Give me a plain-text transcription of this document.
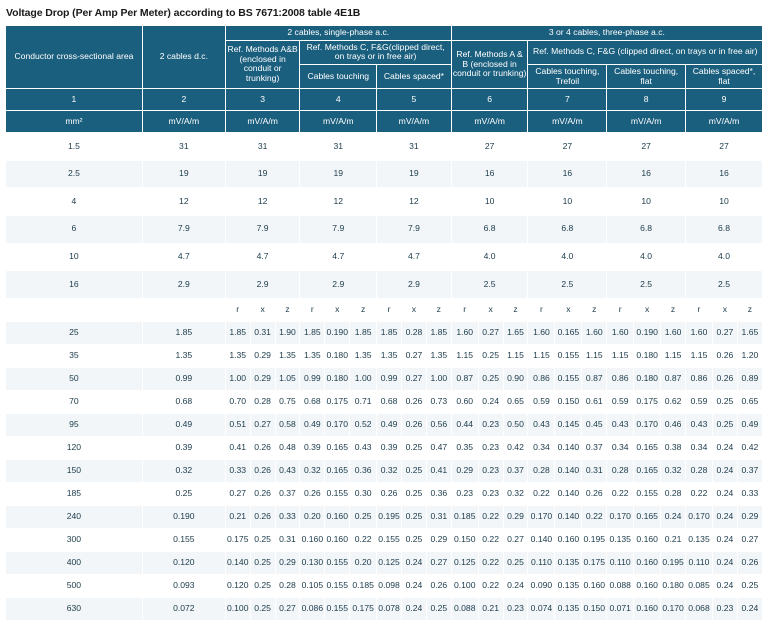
Voltage Drop (Per Amp Per Meter) according to BS 7671:2008 table 4E1B
Conductor cross-sectional area	2 cables d.c.	2 cables, single-phase a.c.									3 or 4 cables, three-phase a.c.											
		Ref. Methods A&B (enclosed in conduit or trunking)			Ref. Methods C, F&G(clipped direct, on trays or in free air)						Ref. Methods A & B (enclosed in conduit or trunking)			Ref. Methods C, F&G (clipped direct, on trays or in free air)								
					Cables touching			Cables spaced*						Cables touching, Trefoil			Cables touching, flat			Cables spaced*, flat		

1	2	3			4			5			6			7			8			9		
mm²	mV/A/m	mV/A/m			mV/A/m			mV/A/m			mV/A/m			mV/A/m			mV/A/m			mV/A/m		
1.5	31	31			31			31			27			27			27			27		
2.5	19	19			19			19			16			16			16			16		
4	12	12			12			12			10			10			10			10		
6	7.9	7.9			7.9			7.9			6.8			6.8			6.8			6.8		
10	4.7	4.7			4.7			4.7			4.0			4.0			4.0			4.0		
16	2.9	2.9			2.9			2.9			2.5			2.5			2.5			2.5		
		r	x	z	r	x	z	r	x	z	r	x	z	r	x	z	r	x	z	r	x	z
25	1.85	1.85	0.31	1.90	1.85	0.190	1.85	1.85	0.28	1.85	1.60	0.27	1.65	1.60	0.165	1.60	1.60	0.190	1.60	1.60	0.27	1.65
35	1.35	1.35	0.29	1.35	1.35	0.180	1.35	1.35	0.27	1.35	1.15	0.25	1.15	1.15	0.155	1.15	1.15	0.180	1.15	1.15	0.26	1.20
50	0.99	1.00	0.29	1.05	0.99	0.180	1.00	0.99	0.27	1.00	0.87	0.25	0.90	0.86	0.155	0.87	0.86	0.180	0.87	0.86	0.26	0.89
70	0.68	0.70	0.28	0.75	0.68	0.175	0.71	0.68	0.26	0.73	0.60	0.24	0.65	0.59	0.150	0.61	0.59	0.175	0.62	0.59	0.25	0.65
95	0.49	0.51	0.27	0.58	0.49	0.170	0.52	0.49	0.26	0.56	0.44	0.23	0.50	0.43	0.145	0.45	0.43	0.170	0.46	0.43	0.25	0.49
120	0.39	0.41	0.26	0.48	0.39	0.165	0.43	0.39	0.25	0.47	0.35	0.23	0.42	0.34	0.140	0.37	0.34	0.165	0.38	0.34	0.24	0.42
150	0.32	0.33	0.26	0.43	0.32	0.165	0.36	0.32	0.25	0.41	0.29	0.23	0.37	0.28	0.140	0.31	0.28	0.165	0.32	0.28	0.24	0.37
185	0.25	0.27	0.26	0.37	0.26	0.155	0.30	0.26	0.25	0.36	0.23	0.23	0.32	0.22	0.140	0.26	0.22	0.155	0.28	0.22	0.24	0.33
240	0.190	0.21	0.26	0.33	0.20	0.160	0.25	0.195	0.25	0.31	0.185	0.22	0.29	0.170	0.140	0.22	0.170	0.165	0.24	0.170	0.24	0.29
300	0.155	0.175	0.25	0.31	0.160	0.160	0.22	0.155	0.25	0.29	0.150	0.22	0.27	0.140	0.160	0.195	0.135	0.160	0.21	0.135	0.24	0.27
400	0.120	0.140	0.25	0.29	0.130	0.155	0.20	0.125	0.24	0.27	0.125	0.22	0.25	0.110	0.135	0.175	0.110	0.160	0.195	0.110	0.24	0.26
500	0.093	0.120	0.25	0.28	0.105	0.155	0.185	0.098	0.24	0.26	0.100	0.22	0.24	0.090	0.135	0.160	0.088	0.160	0.180	0.085	0.24	0.25
630	0.072	0.100	0.25	0.27	0.086	0.155	0.175	0.078	0.24	0.25	0.088	0.21	0.23	0.074	0.135	0.150	0.071	0.160	0.170	0.068	0.23	0.24
